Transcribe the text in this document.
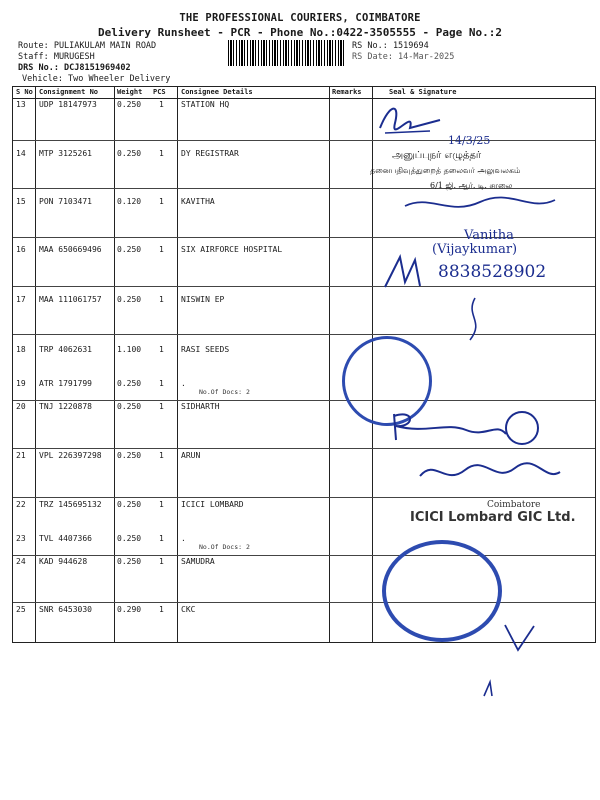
THE PROFESSIONAL COURIERS, COIMBATORE
Delivery Runsheet - PCR - Phone No.:0422-3505555 - Page No.:2
Route: PULIAKULAM MAIN ROAD
Staff: MURUGESH
DRS No.: DCJ8151969402
Vehicle: Two Wheeler Delivery
RS No.: 1519694
RS Date: 14-Mar-2025
S No Consignment No	Weight PCS Consignee Details	Remarks	Seal & Signature
13 UDP 18147973	0.250 1 STATION HQ
14 MTP 3125261	0.250 1 DY REGISTRAR
15 PON 7103471	0.120 1 KAVITHA
16 MAA 650669496 0.250 1 SIX AIRFORCE HOSPITAL
17 MAA 111061757 0.250 1 NISWIN EP
18 TRP 4062631	1.100 1 RASI SEEDS
19 ATR 1791799	0.250 1 .
No.Of Docs: 2
20 TNJ 1220878	0.250 1 SIDHARTH
21 VPL 226397298 0.250 1 ARUN
22 TRZ 145695132 0.250 1 ICICI LOMBARD
23 TVL 4407366	0.250 1 .
No.Of Docs: 2
24 KAD 944628	0.250 1 SAMUDRA
25 SNR 6453030	0.290 1 CKC
14/3/25
அனுப்புநர் எழுத்தர்
தனைபதிவுத்துறைத் தலைவர் அலுவலகம்
6/1 ஜி. ஆர். டி. சாலை
Vanitha
(Vijaykumar)
8838528902
Coimbatore
ICICI Lombard GIC Ltd.
